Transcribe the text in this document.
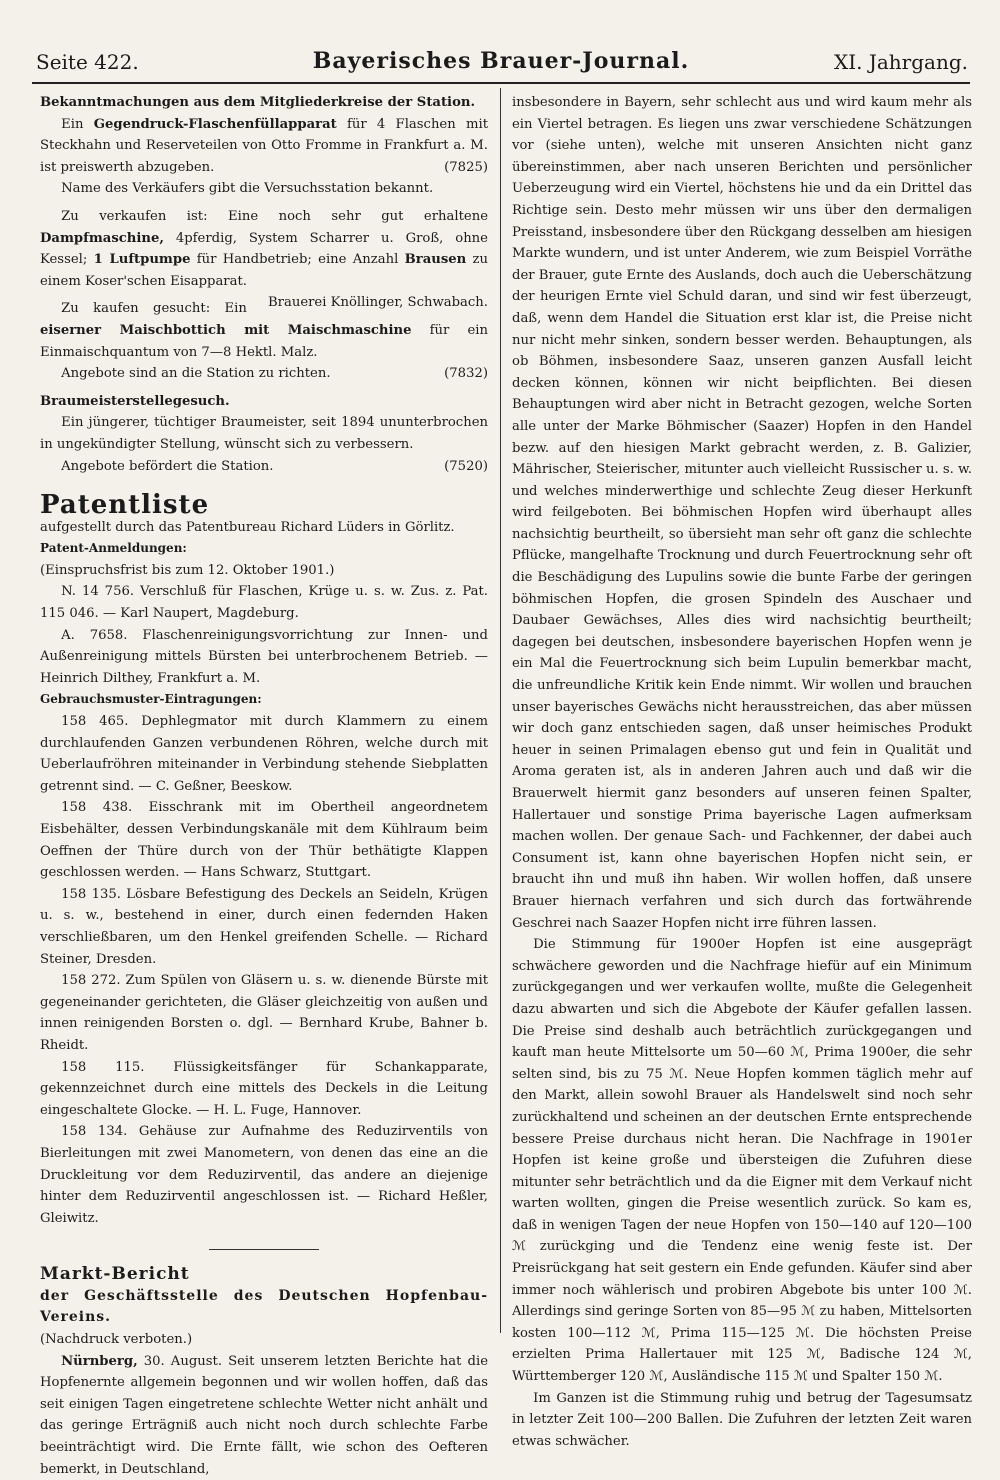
Seite 422.	Bayerisches Brauer-Journal.	XI. Jahrgang.

Bekanntmachungen aus dem Mitgliederkreise der Station.

Ein Gegendruck-Flaschenfüllapparat für 4 Flaschen mit Steckhahn und Reserveteilen von Otto Fromme in Frankfurt a. M. ist preiswerth abzugeben.	(7825)

Name des Verkäufers gibt die Versuchsstation bekannt.

Zu verkaufen ist: Eine noch sehr gut erhaltene Dampfmaschine, 4pferdig, System Scharrer u. Groß, ohne Kessel; 1 Luftpumpe für Handbetrieb; eine Anzahl Brausen zu einem Koser'schen Eisapparat.
Brauerei Knöllinger, Schwabach.

Zu kaufen gesucht: Ein eiserner Maischbottich mit Maischmaschine für ein Einmaischquantum von 7—8 Hektl. Malz.

Angebote sind an die Station zu richten.	(7832)

Braumeisterstellegesuch.

Ein jüngerer, tüchtiger Braumeister, seit 1894 ununterbrochen in ungekündigter Stellung, wünscht sich zu verbessern.

Angebote befördert die Station.	(7520)

Patentliste

aufgestellt durch das Patentbureau Richard Lüders in Görlitz.

Patent-Anmeldungen:

(Einspruchsfrist bis zum 12. Oktober 1901.)

N. 14 756. Verschluß für Flaschen, Krüge u. s. w. Zus. z. Pat. 115 046. — Karl Naupert, Magdeburg.

A. 7658. Flaschenreinigungsvorrichtung zur Innen- und Außenreinigung mittels Bürsten bei unterbrochenem Betrieb. — Heinrich Dilthey, Frankfurt a. M.

Gebrauchsmuster-Eintragungen:

158 465. Dephlegmator mit durch Klammern zu einem durchlaufenden Ganzen verbundenen Röhren, welche durch mit Ueberlaufröhren miteinander in Verbindung stehende Siebplatten getrennt sind. — C. Geßner, Beeskow.

158 438. Eisschrank mit im Obertheil angeordnetem Eisbehälter, dessen Verbindungskanäle mit dem Kühlraum beim Oeffnen der Thüre durch von der Thür bethätigte Klappen geschlossen werden. — Hans Schwarz, Stuttgart.

158 135. Lösbare Befestigung des Deckels an Seideln, Krügen u. s. w., bestehend in einer, durch einen federnden Haken verschließbaren, um den Henkel greifenden Schelle. — Richard Steiner, Dresden.

158 272. Zum Spülen von Gläsern u. s. w. dienende Bürste mit gegeneinander gerichteten, die Gläser gleichzeitig von außen und innen reinigenden Borsten o. dgl. — Bernhard Krube, Bahner b. Rheidt.

158 115. Flüssigkeitsfänger für Schankapparate, gekennzeichnet durch eine mittels des Deckels in die Leitung eingeschaltete Glocke. — H. L. Fuge, Hannover.

158 134. Gehäuse zur Aufnahme des Reduzirventils von Bierleitungen mit zwei Manometern, von denen das eine an die Druckleitung vor dem Reduzirventil, das andere an diejenige hinter dem Reduzirventil angeschlossen ist. — Richard Heßler, Gleiwitz.

Markt-Bericht

der Geschäftsstelle des Deutschen Hopfenbau-Vereins.

(Nachdruck verboten.)

Nürnberg, 30. August. Seit unserem letzten Berichte hat die Hopfenernte allgemein begonnen und wir wollen hoffen, daß das seit einigen Tagen eingetretene schlechte Wetter nicht anhält und das geringe Erträgniß auch nicht noch durch schlechte Farbe beeinträchtigt wird. Die Ernte fällt, wie schon des Oefteren bemerkt, in Deutschland,

insbesondere in Bayern, sehr schlecht aus und wird kaum mehr als ein Viertel betragen. Es liegen uns zwar verschiedene Schätzungen vor (siehe unten), welche mit unseren Ansichten nicht ganz übereinstimmen, aber nach unseren Berichten und persönlicher Ueberzeugung wird ein Viertel, höchstens hie und da ein Drittel das Richtige sein. Desto mehr müssen wir uns über den dermaligen Preisstand, insbesondere über den Rückgang desselben am hiesigen Markte wundern, und ist unter Anderem, wie zum Beispiel Vorräthe der Brauer, gute Ernte des Auslands, doch auch die Ueberschätzung der heurigen Ernte viel Schuld daran, und sind wir fest überzeugt, daß, wenn dem Handel die Situation erst klar ist, die Preise nicht nur nicht mehr sinken, sondern besser werden. Behauptungen, als ob Böhmen, insbesondere Saaz, unseren ganzen Ausfall leicht decken können, können wir nicht beipflichten. Bei diesen Behauptungen wird aber nicht in Betracht gezogen, welche Sorten alle unter der Marke Böhmischer (Saazer) Hopfen in den Handel bezw. auf den hiesigen Markt gebracht werden, z. B. Galizier, Mährischer, Steierischer, mitunter auch vielleicht Russischer u. s. w. und welches minderwerthige und schlechte Zeug dieser Herkunft wird feilgeboten. Bei böhmischen Hopfen wird überhaupt alles nachsichtig beurtheilt, so übersieht man sehr oft ganz die schlechte Pflücke, mangelhafte Trocknung und durch Feuertrocknung sehr oft die Beschädigung des Lupulins sowie die bunte Farbe der geringen böhmischen Hopfen, die grosen Spindeln des Auschaer und Daubaer Gewächses, Alles dies wird nachsichtig beurtheilt; dagegen bei deutschen, insbesondere bayerischen Hopfen wenn je ein Mal die Feuertrocknung sich beim Lupulin bemerkbar macht, die unfreundliche Kritik kein Ende nimmt. Wir wollen und brauchen unser bayerisches Gewächs nicht herausstreichen, das aber müssen wir doch ganz entschieden sagen, daß unser heimisches Produkt heuer in seinen Primalagen ebenso gut und fein in Qualität und Aroma geraten ist, als in anderen Jahren auch und daß wir die Brauerwelt hiermit ganz besonders auf unseren feinen Spalter, Hallertauer und sonstige Prima bayerische Lagen aufmerksam machen wollen. Der genaue Sach- und Fachkenner, der dabei auch Consument ist, kann ohne bayerischen Hopfen nicht sein, er braucht ihn und muß ihn haben. Wir wollen hoffen, daß unsere Brauer hiernach verfahren und sich durch das fortwährende Geschrei nach Saazer Hopfen nicht irre führen lassen.

Die Stimmung für 1900er Hopfen ist eine ausgeprägt schwächere geworden und die Nachfrage hiefür auf ein Minimum zurückgegangen und wer verkaufen wollte, mußte die Gelegenheit dazu abwarten und sich die Abgebote der Käufer gefallen lassen. Die Preise sind deshalb auch beträchtlich zurückgegangen und kauft man heute Mittelsorte um 50—60 ℳ, Prima 1900er, die sehr selten sind, bis zu 75 ℳ. Neue Hopfen kommen täglich mehr auf den Markt, allein sowohl Brauer als Handelswelt sind noch sehr zurückhaltend und scheinen an der deutschen Ernte entsprechende bessere Preise durchaus nicht heran. Die Nachfrage in 1901er Hopfen ist keine große und übersteigen die Zufuhren diese mitunter sehr beträchtlich und da die Eigner mit dem Verkauf nicht warten wollten, gingen die Preise wesentlich zurück. So kam es, daß in wenigen Tagen der neue Hopfen von 150—140 auf 120—100 ℳ zurückging und die Tendenz eine wenig feste ist. Der Preisrückgang hat seit gestern ein Ende gefunden. Käufer sind aber immer noch wählerisch und probiren Abgebote bis unter 100 ℳ. Allerdings sind geringe Sorten von 85—95 ℳ zu haben, Mittelsorten kosten 100—112 ℳ, Prima 115—125 ℳ. Die höchsten Preise erzielten Prima Hallertauer mit 125 ℳ, Badische 124 ℳ, Württemberger 120 ℳ, Ausländische 115 ℳ und Spalter 150 ℳ.

Im Ganzen ist die Stimmung ruhig und betrug der Tagesumsatz in letzter Zeit 100—200 Ballen. Die Zufuhren der letzten Zeit waren etwas schwächer.
